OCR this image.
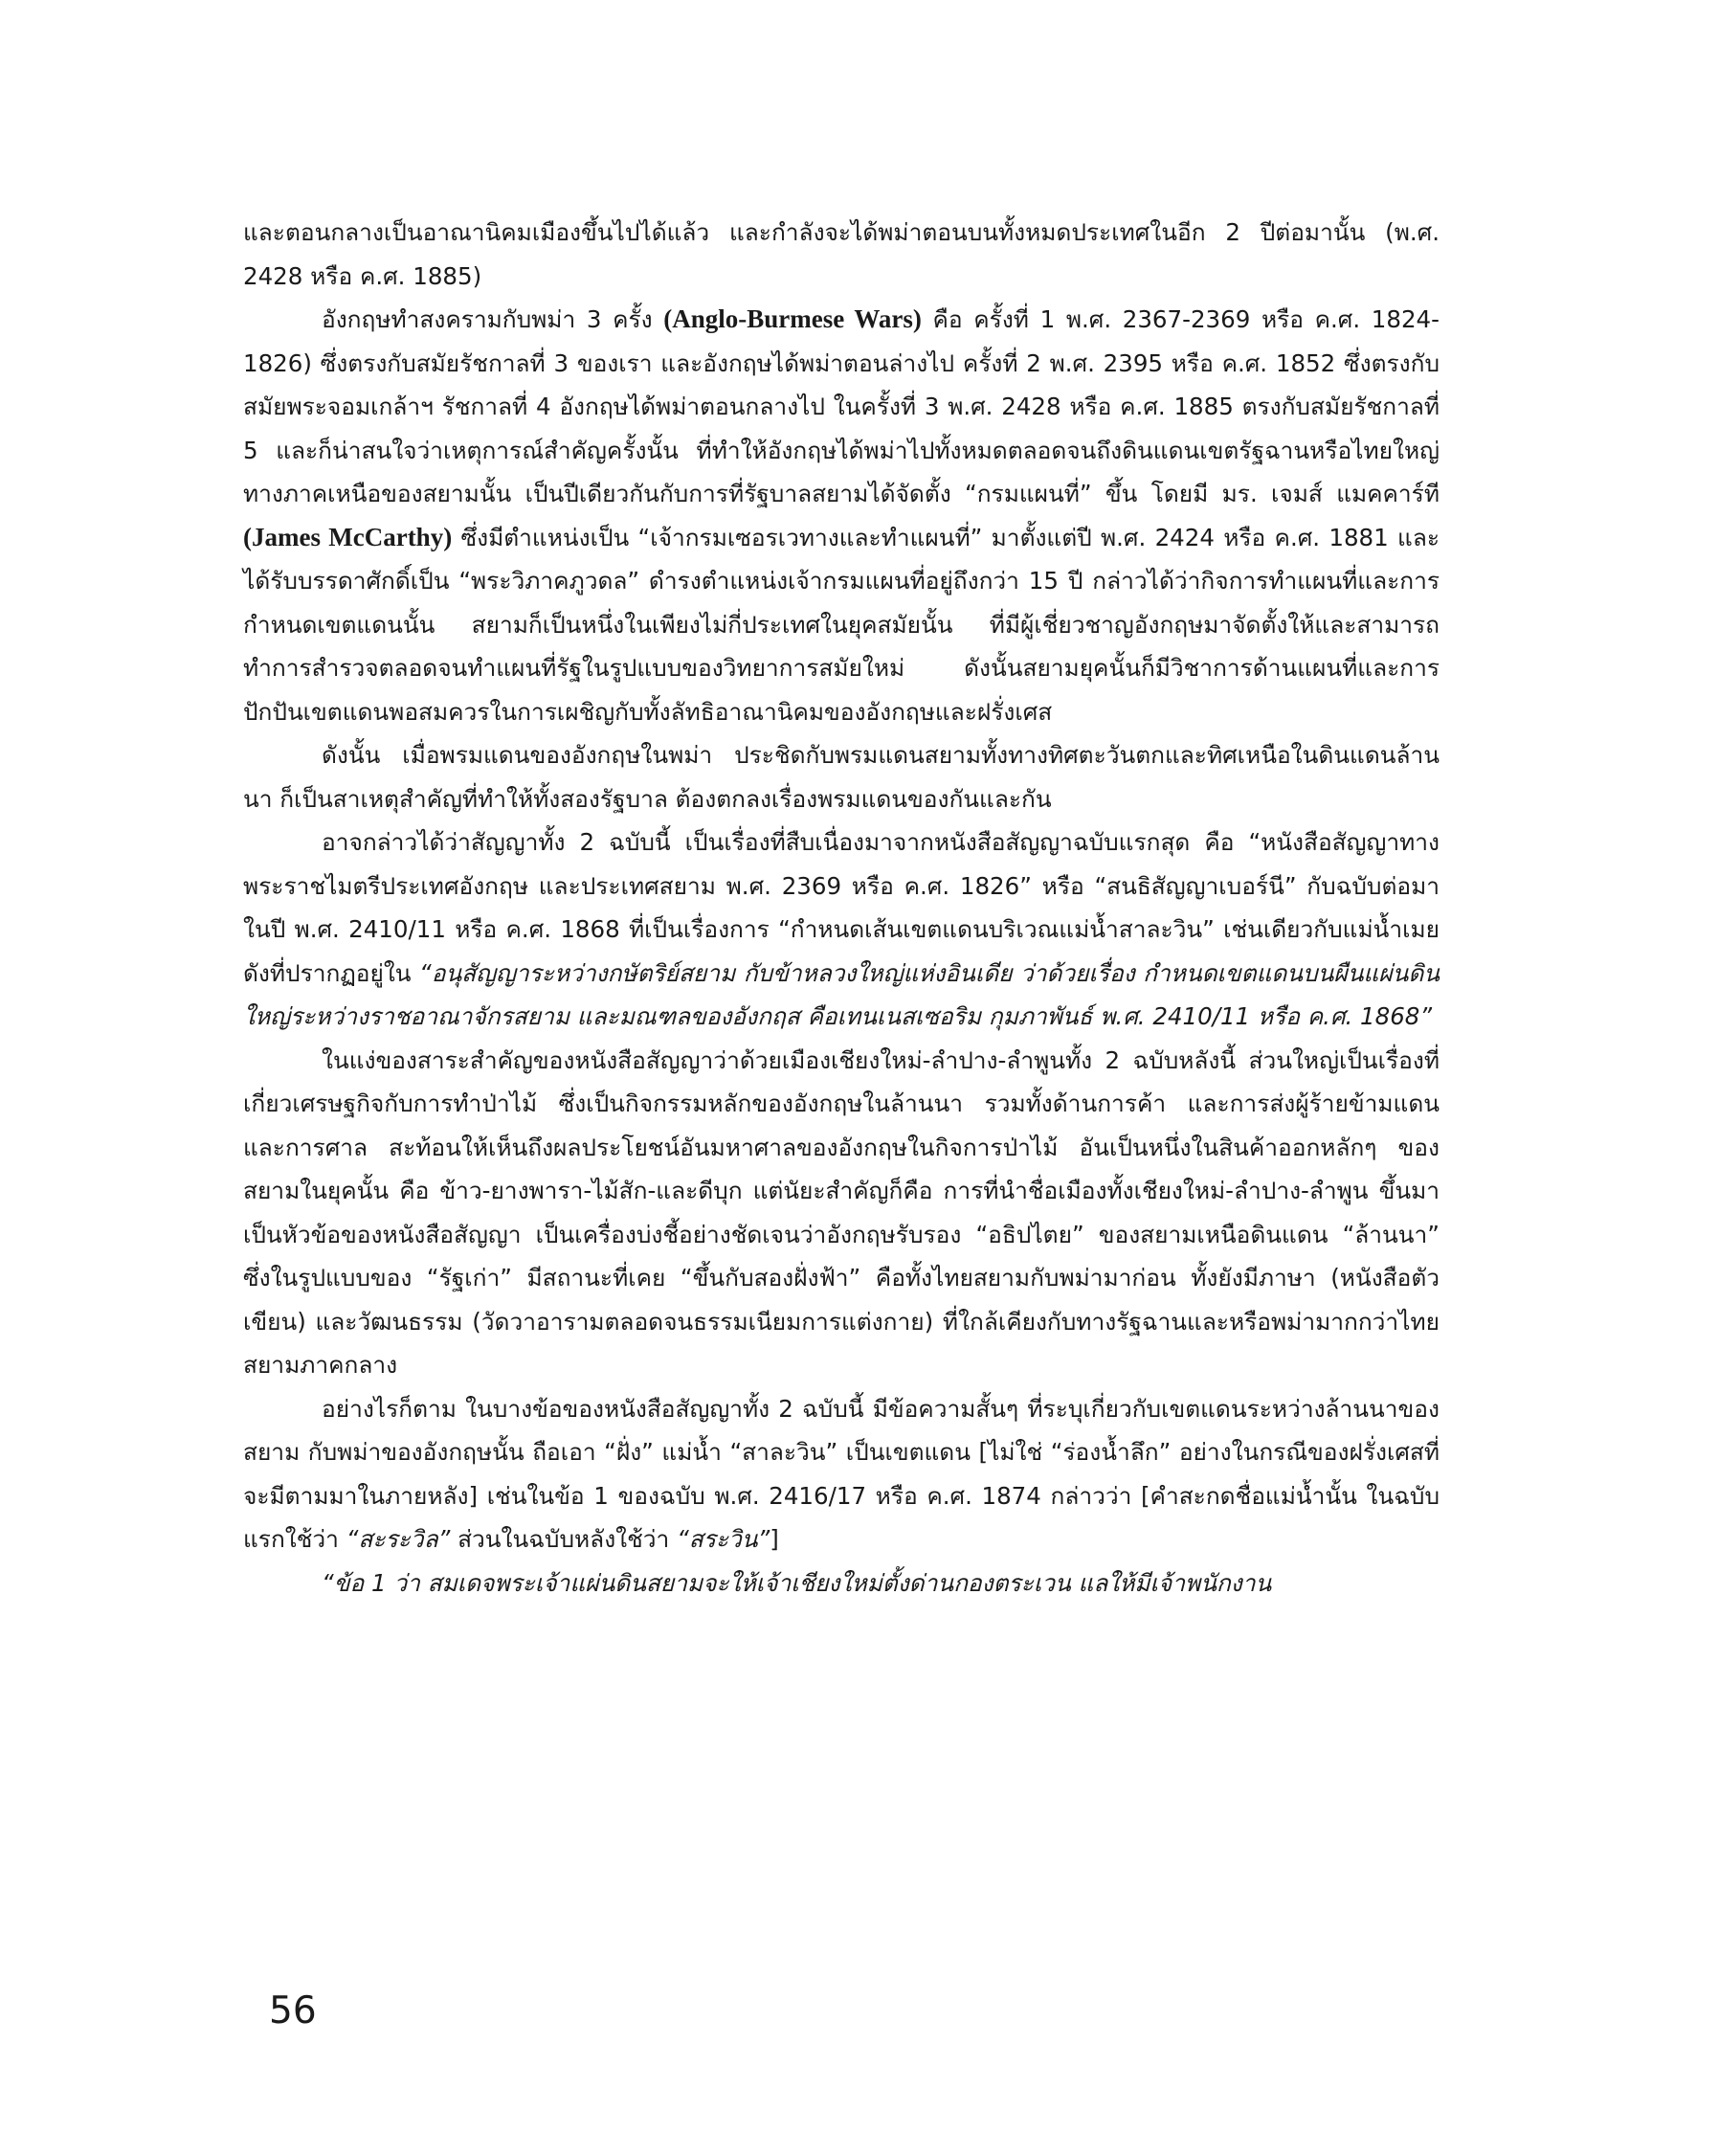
และตอนกลางเป็นอาณานิคมเมืองขึ้นไปได้แล้ว และกำลังจะได้พม่าตอนบนทั้งหมดประเทศในอีก 2 ปีต่อมานั้น (พ.ศ. 2428 หรือ ค.ศ. 1885)

อังกฤษทำสงครามกับพม่า 3 ครั้ง (Anglo-Burmese Wars) คือ ครั้งที่ 1 พ.ศ. 2367-2369 หรือ ค.ศ. 1824-1826) ซึ่งตรงกับสมัยรัชกาลที่ 3 ของเรา และอังกฤษได้พม่าตอนล่างไป ครั้งที่ 2 พ.ศ. 2395 หรือ ค.ศ. 1852 ซึ่งตรงกับสมัยพระจอมเกล้าฯ รัชกาลที่ 4 อังกฤษได้พม่าตอนกลางไป ในครั้งที่ 3 พ.ศ. 2428 หรือ ค.ศ. 1885 ตรงกับสมัยรัชกาลที่ 5 และก็น่าสนใจว่าเหตุการณ์สำคัญครั้งนั้น ที่ทำให้อังกฤษได้พม่าไปทั้งหมดตลอดจนถึงดินแดนเขตรัฐฉานหรือไทยใหญ่ทางภาคเหนือของสยามนั้น เป็นปีเดียวกันกับการที่รัฐบาลสยามได้จัดตั้ง “กรมแผนที่” ขึ้น โดยมี มร. เจมส์ แมคคาร์ที (James McCarthy) ซึ่งมีตำแหน่งเป็น “เจ้ากรมเซอรเวทางและทำแผนที่” มาตั้งแต่ปี พ.ศ. 2424 หรือ ค.ศ. 1881 และได้รับบรรดาศักดิ์เป็น “พระวิภาคภูวดล” ดำรงตำแหน่งเจ้ากรมแผนที่อยู่ถึงกว่า 15 ปี กล่าวได้ว่ากิจการทำแผนที่และการกำหนดเขตแดนนั้น สยามก็เป็นหนึ่งในเพียงไม่กี่ประเทศในยุคสมัยนั้น ที่มีผู้เชี่ยวชาญอังกฤษมาจัดตั้งให้และสามารถทำการสำรวจตลอดจนทำแผนที่รัฐในรูปแบบของวิทยาการสมัยใหม่ ดังนั้นสยามยุคนั้นก็มีวิชาการด้านแผนที่และการปักปันเขตแดนพอสมควรในการเผชิญกับทั้งลัทธิอาณานิคมของอังกฤษและฝรั่งเศส

ดังนั้น เมื่อพรมแดนของอังกฤษในพม่า ประชิดกับพรมแดนสยามทั้งทางทิศตะวันตกและทิศเหนือในดินแดนล้านนา ก็เป็นสาเหตุสำคัญที่ทำให้ทั้งสองรัฐบาล ต้องตกลงเรื่องพรมแดนของกันและกัน

อาจกล่าวได้ว่าสัญญาทั้ง 2 ฉบับนี้ เป็นเรื่องที่สืบเนื่องมาจากหนังสือสัญญาฉบับแรกสุด คือ “หนังสือสัญญาทางพระราชไมตรีประเทศอังกฤษ และประเทศสยาม พ.ศ. 2369 หรือ ค.ศ. 1826” หรือ “สนธิสัญญาเบอร์นี” กับฉบับต่อมาในปี พ.ศ. 2410/11 หรือ ค.ศ. 1868 ที่เป็นเรื่องการ “กำหนดเส้นเขตแดนบริเวณแม่น้ำสาละวิน” เช่นเดียวกับแม่น้ำเมยดังที่ปรากฏอยู่ใน “อนุสัญญาระหว่างกษัตริย์สยาม กับข้าหลวงใหญ่แห่งอินเดีย ว่าด้วยเรื่อง กำหนดเขตแดนบนผืนแผ่นดินใหญ่ระหว่างราชอาณาจักรสยาม และมณฑลของอังกฤส คือเทนเนสเซอริม กุมภาพันธ์ พ.ศ. 2410/11 หรือ ค.ศ. 1868”

ในแง่ของสาระสำคัญของหนังสือสัญญาว่าด้วยเมืองเชียงใหม่-ลำปาง-ลำพูนทั้ง 2 ฉบับหลังนี้ ส่วนใหญ่เป็นเรื่องที่เกี่ยวเศรษฐกิจกับการทำป่าไม้ ซึ่งเป็นกิจกรรมหลักของอังกฤษในล้านนา รวมทั้งด้านการค้า และการส่งผู้ร้ายข้ามแดน และการศาล สะท้อนให้เห็นถึงผลประโยชน์อันมหาศาลของอังกฤษในกิจการป่าไม้ อันเป็นหนึ่งในสินค้าออกหลักๆ ของสยามในยุคนั้น คือ ข้าว-ยางพารา-ไม้สัก-และดีบุก แต่นัยะสำคัญก็คือ การที่นำชื่อเมืองทั้งเชียงใหม่-ลำปาง-ลำพูน ขึ้นมาเป็นหัวข้อของหนังสือสัญญา เป็นเครื่องบ่งชี้อย่างชัดเจนว่าอังกฤษรับรอง “อธิปไตย” ของสยามเหนือดินแดน “ล้านนา” ซึ่งในรูปแบบของ “รัฐเก่า” มีสถานะที่เคย “ขึ้นกับสองฝั่งฟ้า” คือทั้งไทยสยามกับพม่ามาก่อน ทั้งยังมีภาษา (หนังสือตัวเขียน) และวัฒนธรรม (วัดวาอารามตลอดจนธรรมเนียมการแต่งกาย) ที่ใกล้เคียงกับทางรัฐฉานและหรือพม่ามากกว่าไทยสยามภาคกลาง

อย่างไรก็ตาม ในบางข้อของหนังสือสัญญาทั้ง 2 ฉบับนี้ มีข้อความสั้นๆ ที่ระบุเกี่ยวกับเขตแดนระหว่างล้านนาของสยาม กับพม่าของอังกฤษนั้น ถือเอา “ฝั่ง” แม่น้ำ “สาละวิน” เป็นเขตแดน [ไม่ใช่ “ร่องน้ำลึก” อย่างในกรณีของฝรั่งเศสที่จะมีตามมาในภายหลัง] เช่นในข้อ 1 ของฉบับ พ.ศ. 2416/17 หรือ ค.ศ. 1874 กล่าวว่า [คำสะกดชื่อแม่น้ำนั้น ในฉบับแรกใช้ว่า “สะระวิล” ส่วนในฉบับหลังใช้ว่า “สระวิน”]

“ข้อ 1 ว่า สมเดจพระเจ้าแผ่นดินสยามจะให้เจ้าเชียงใหม่ตั้งด่านกองตระเวน แลให้มีเจ้าพนักงาน

56
